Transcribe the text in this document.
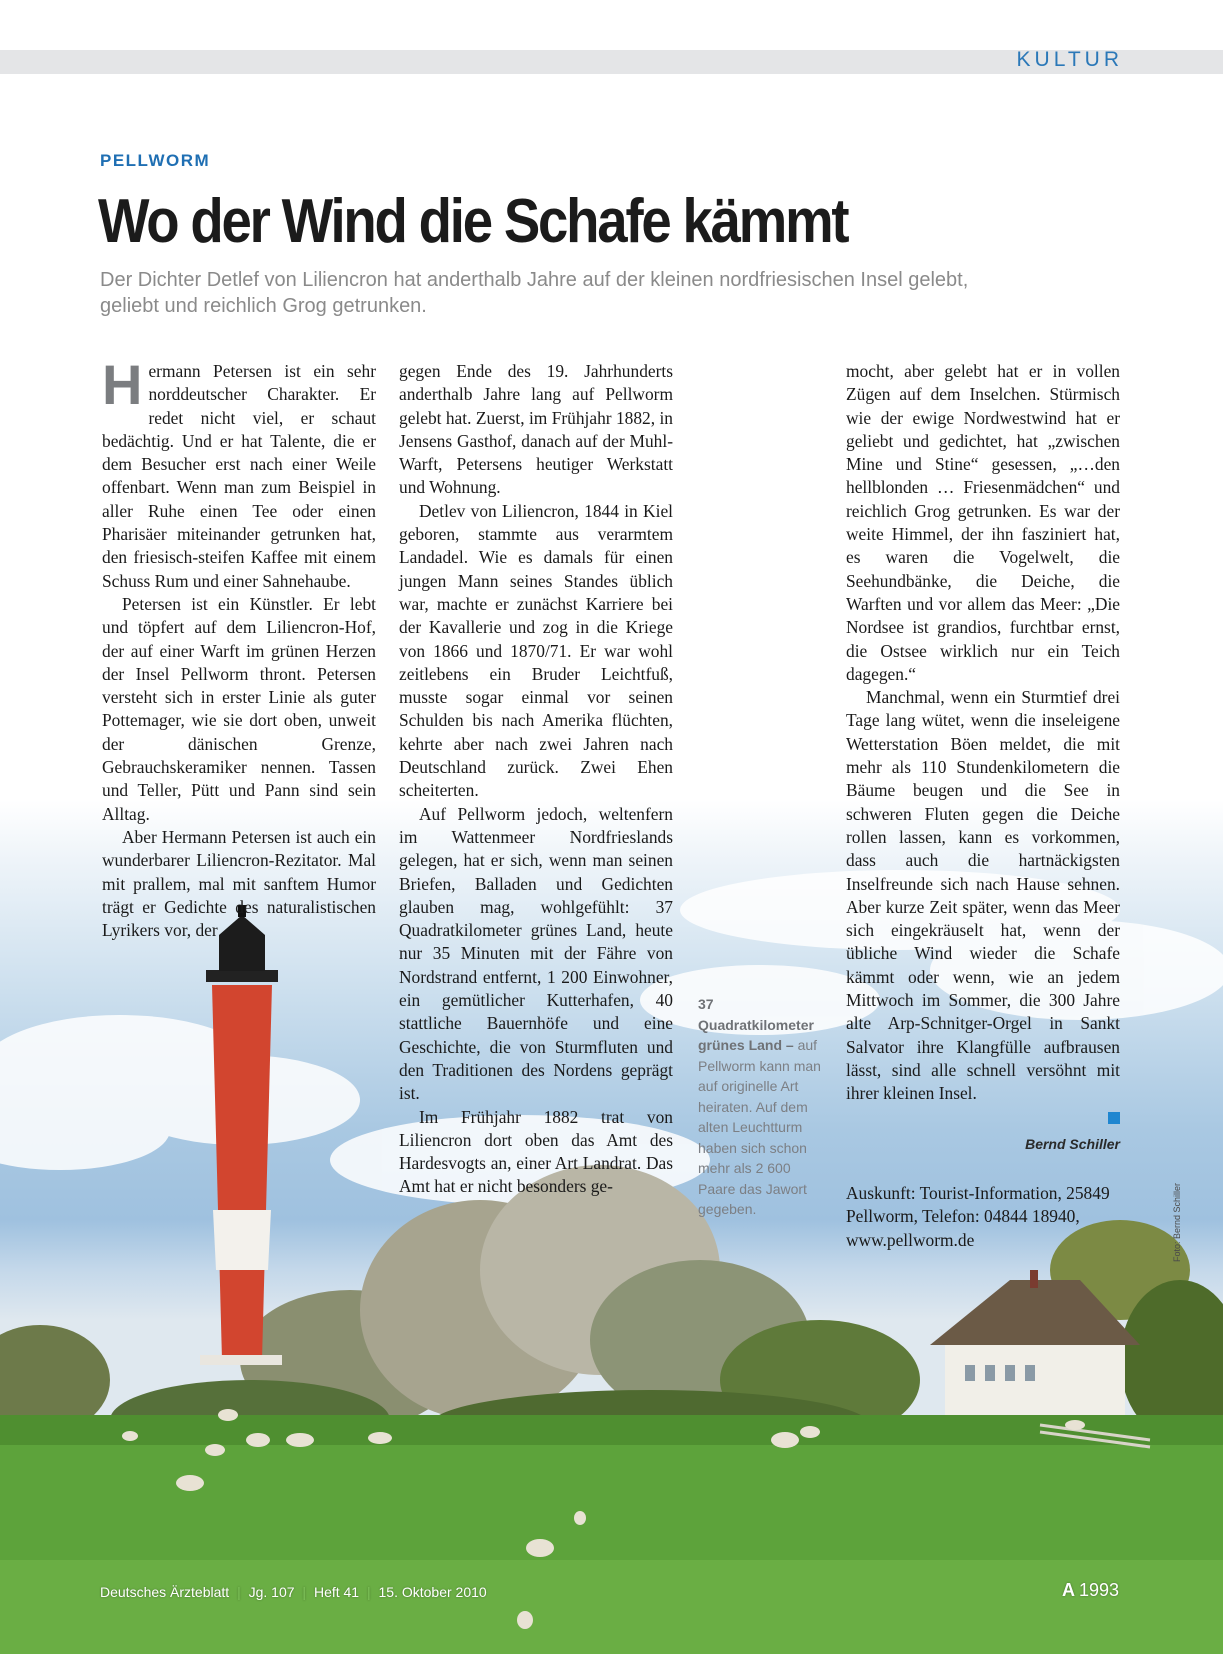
KULTUR
PELLWORM
Wo der Wind die Schafe kämmt

Der Dichter Detlef von Liliencron hat anderthalb Jahre auf der kleinen nordfriesischen Insel gelebt, geliebt und reichlich Grog getrunken.

H ermann Petersen ist ein sehr norddeutscher Charakter. Er redet nicht viel, er schaut bedächtig. Und er hat Talente, die er dem Besucher erst nach einer Weile offenbart. Wenn man zum Beispiel in aller Ruhe einen Tee oder einen Pharisäer miteinander getrunken hat, den friesisch-steifen Kaffee mit einem Schuss Rum und einer Sahnehaube.

Petersen ist ein Künstler. Er lebt und töpfert auf dem Liliencron-Hof, der auf einer Warft im grünen Herzen der Insel Pellworm thront. Petersen versteht sich in erster Linie als guter Pottemager, wie sie dort oben, unweit der dänischen Grenze, Gebrauchskeramiker nennen. Tassen und Teller, Pütt und Pann sind sein Alltag.

Aber Hermann Petersen ist auch ein wunderbarer Liliencron-Rezitator. Mal mit prallem, mal mit sanftem Humor trägt er Gedichte des naturalistischen Lyrikers vor, der

gegen Ende des 19. Jahrhunderts anderthalb Jahre lang auf Pellworm gelebt hat. Zuerst, im Frühjahr 1882, in Jensens Gasthof, danach auf der Muhl-Warft, Petersens heutiger Werkstatt und Wohnung.

Detlev von Liliencron, 1844 in Kiel geboren, stammte aus verarmtem Landadel. Wie es damals für einen jungen Mann seines Standes üblich war, machte er zunächst Karriere bei der Kavallerie und zog in die Kriege von 1866 und 1870/71. Er war wohl zeitlebens ein Bruder Leichtfuß, musste sogar einmal vor seinen Schulden bis nach Amerika flüchten, kehrte aber nach zwei Jahren nach Deutschland zurück. Zwei Ehen scheiterten.

Auf Pellworm jedoch, weltenfern im Wattenmeer Nordfrieslands gelegen, hat er sich, wenn man seinen Briefen, Balladen und Gedichten glauben mag, wohlgefühlt: 37 Quadratkilometer grünes Land, heute nur 35 Minuten mit der Fähre von Nordstrand entfernt, 1 200 Einwohner, ein gemütlicher Kutterhafen, 40 stattliche Bauernhöfe und eine Geschichte, die von Sturmfluten und den Traditionen des Nordens geprägt ist.

Im Frühjahr 1882 trat von Liliencron dort oben das Amt des Hardesvogts an, einer Art Landrat. Das Amt hat er nicht besonders ge-

37 Quadratkilometer grünes Land – auf Pellworm kann man auf originelle Art heiraten. Auf dem alten Leuchtturm haben sich schon mehr als 2 600 Paare das Jawort gegeben.

mocht, aber gelebt hat er in vollen Zügen auf dem Inselchen. Stürmisch wie der ewige Nordwestwind hat er geliebt und gedichtet, hat „zwischen Mine und Stine“ gesessen, „…den hellblonden … Friesenmädchen“ und reichlich Grog getrunken. Es war der weite Himmel, der ihn fasziniert hat, es waren die Vogelwelt, die Seehundbänke, die Deiche, die Warften und vor allem das Meer: „Die Nordsee ist grandios, furchtbar ernst, die Ostsee wirklich nur ein Teich dagegen.“

Manchmal, wenn ein Sturmtief drei Tage lang wütet, wenn die inseleigene Wetterstation Böen meldet, die mit mehr als 110 Stundenkilometern die Bäume beugen und die See in schweren Fluten gegen die Deiche rollen lassen, kann es vorkommen, dass auch die hartnäckigsten Inselfreunde sich nach Hause sehnen. Aber kurze Zeit später, wenn das Meer sich eingekräuselt hat, wenn der übliche Wind wieder die Schafe kämmt oder wenn, wie an jedem Mittwoch im Sommer, die 300 Jahre alte Arp-Schnitger-Orgel in Sankt Salvator ihre Klangfülle aufbrausen lässt, sind alle schnell versöhnt mit ihrer kleinen Insel.

Bernd Schiller
Auskunft: Tourist-Information, 25849 Pellworm, Telefon: 04844 18940, www.pellworm.de	Foto: Bernd Schiller
Deutsches Ärzteblatt | Jg. 107 | Heft 41 | 15. Oktober 2010	A 1993
